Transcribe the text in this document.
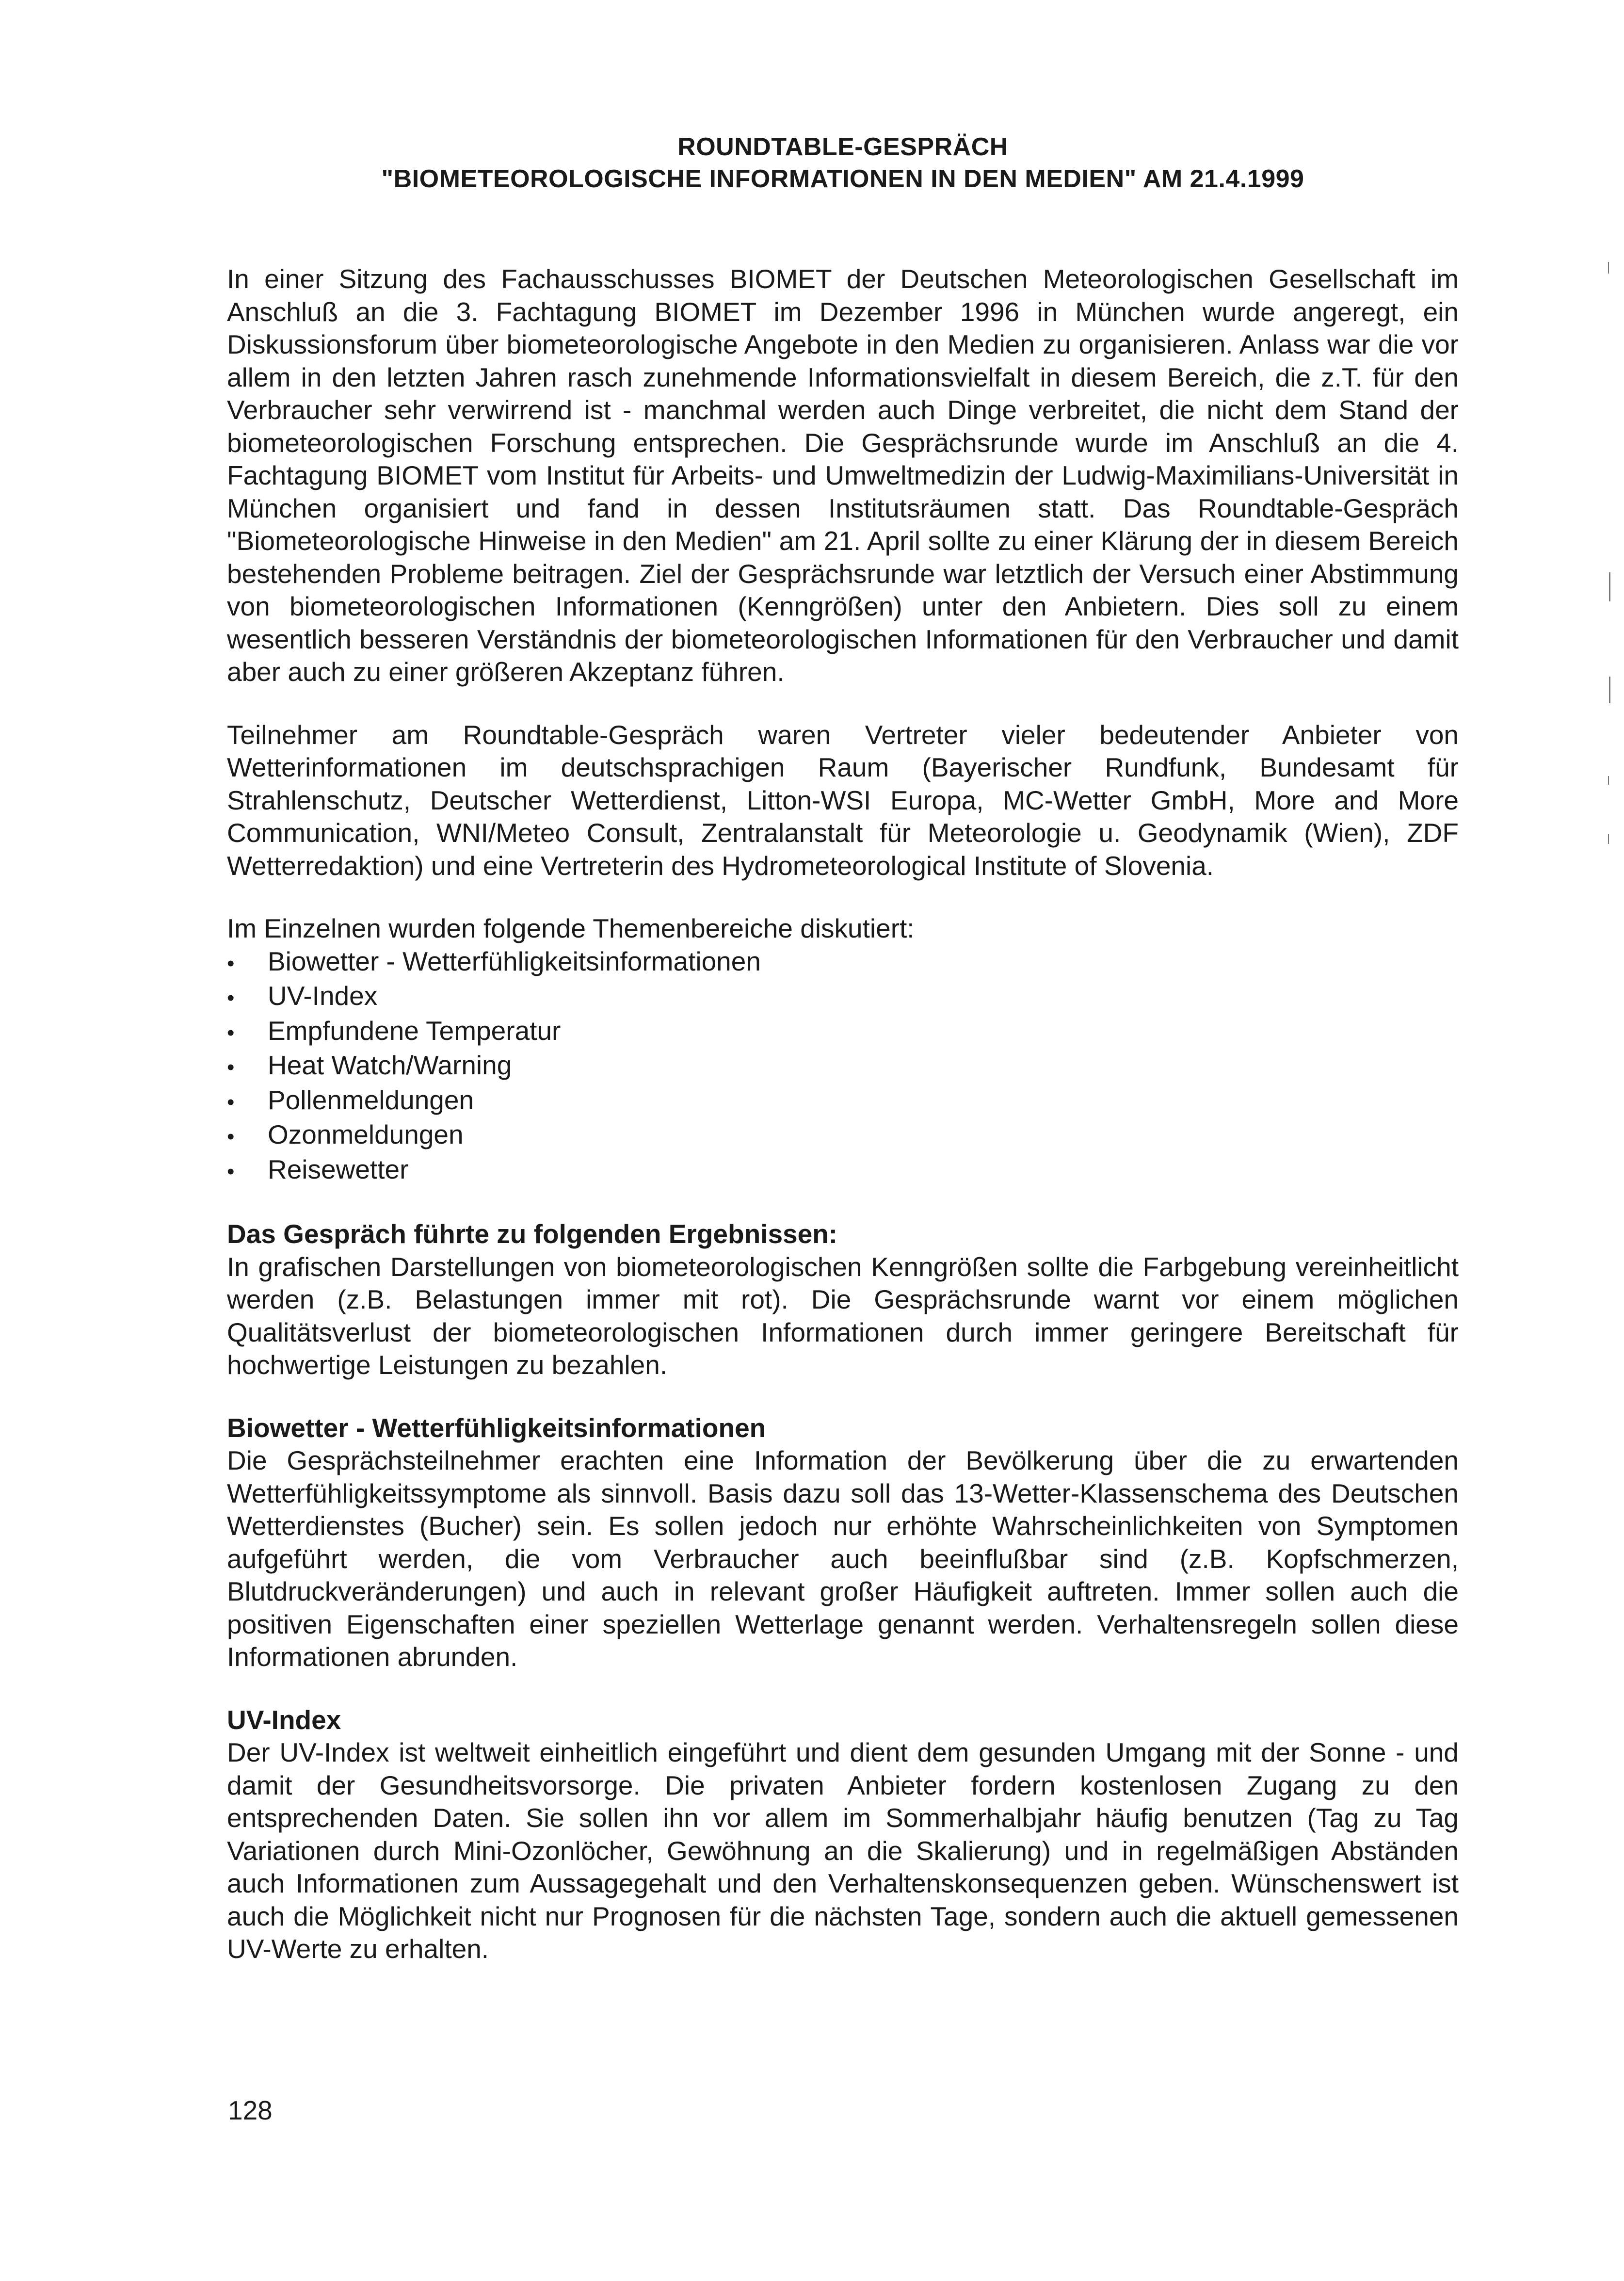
ROUNDTABLE-GESPRÄCH
"BIOMETEOROLOGISCHE INFORMATIONEN IN DEN MEDIEN" AM 21.4.1999

In einer Sitzung des Fachausschusses BIOMET der Deutschen Meteorologischen Gesellschaft im Anschluß an die 3. Fachtagung BIOMET im Dezember 1996 in München wurde angeregt, ein Diskussionsforum über biometeorologische Angebote in den Medien zu organisieren. Anlass war die vor allem in den letzten Jahren rasch zunehmende Informationsvielfalt in diesem Bereich, die z.T. für den Verbraucher sehr verwirrend ist - manchmal werden auch Dinge verbreitet, die nicht dem Stand der biometeorologischen Forschung entsprechen. Die Gesprächsrunde wurde im Anschluß an die 4. Fachtagung BIOMET vom Institut für Arbeits- und Umweltmedizin der Ludwig-Maximilians-Universität in München organisiert und fand in dessen Institutsräumen statt. Das Roundtable-Gespräch "Biometeorologische Hinweise in den Medien" am 21. April sollte zu einer Klärung der in diesem Bereich bestehenden Probleme beitragen. Ziel der Gesprächsrunde war letztlich der Versuch einer Abstimmung von biometeorologischen Informationen (Kenngrößen) unter den Anbietern. Dies soll zu einem wesentlich besseren Verständnis der biometeorologischen Informationen für den Verbraucher und damit aber auch zu einer größeren Akzeptanz führen.

Teilnehmer am Roundtable-Gespräch waren Vertreter vieler bedeutender Anbieter von Wetterinformationen im deutschsprachigen Raum (Bayerischer Rundfunk, Bundesamt für Strahlenschutz, Deutscher Wetterdienst, Litton-WSI Europa, MC-Wetter GmbH, More and More Communication, WNI/Meteo Consult, Zentralanstalt für Meteorologie u. Geodynamik (Wien), ZDF Wetterredaktion) und eine Vertreterin des Hydrometeorological Institute of Slovenia.

Im Einzelnen wurden folgende Themenbereiche diskutiert:

•	Biowetter - Wetterfühligkeitsinformationen
•	UV-Index
•	Empfundene Temperatur
•	Heat Watch/Warning
•	Pollenmeldungen
•	Ozonmeldungen
•	Reisewetter
Das Gespräch führte zu folgenden Ergebnissen:

In grafischen Darstellungen von biometeorologischen Kenngrößen sollte die Farbgebung vereinheitlicht werden (z.B. Belastungen immer mit rot). Die Gesprächsrunde warnt vor einem möglichen Qualitätsverlust der biometeorologischen Informationen durch immer geringere Bereitschaft für hochwertige Leistungen zu bezahlen.

Biowetter - Wetterfühligkeitsinformationen

Die Gesprächsteilnehmer erachten eine Information der Bevölkerung über die zu erwartenden Wetterfühligkeitssymptome als sinnvoll. Basis dazu soll das 13-Wetter-Klassenschema des Deutschen Wetterdienstes (Bucher) sein. Es sollen jedoch nur erhöhte Wahrscheinlichkeiten von Symptomen aufgeführt werden, die vom Verbraucher auch beeinflußbar sind (z.B. Kopfschmerzen, Blutdruckveränderungen) und auch in relevant großer Häufigkeit auftreten. Immer sollen auch die positiven Eigenschaften einer speziellen Wetterlage genannt werden. Verhaltensregeln sollen diese Informationen abrunden.

UV-Index

Der UV-Index ist weltweit einheitlich eingeführt und dient dem gesunden Umgang mit der Sonne - und damit der Gesundheitsvorsorge. Die privaten Anbieter fordern kostenlosen Zugang zu den entsprechenden Daten. Sie sollen ihn vor allem im Sommerhalbjahr häufig benutzen (Tag zu Tag Variationen durch Mini-Ozonlöcher, Gewöhnung an die Skalierung) und in regelmäßigen Abständen auch Informationen zum Aussagegehalt und den Verhaltenskonsequenzen geben. Wünschenswert ist auch die Möglichkeit nicht nur Prognosen für die nächsten Tage, sondern auch die aktuell gemessenen UV-Werte zu erhalten.

128
